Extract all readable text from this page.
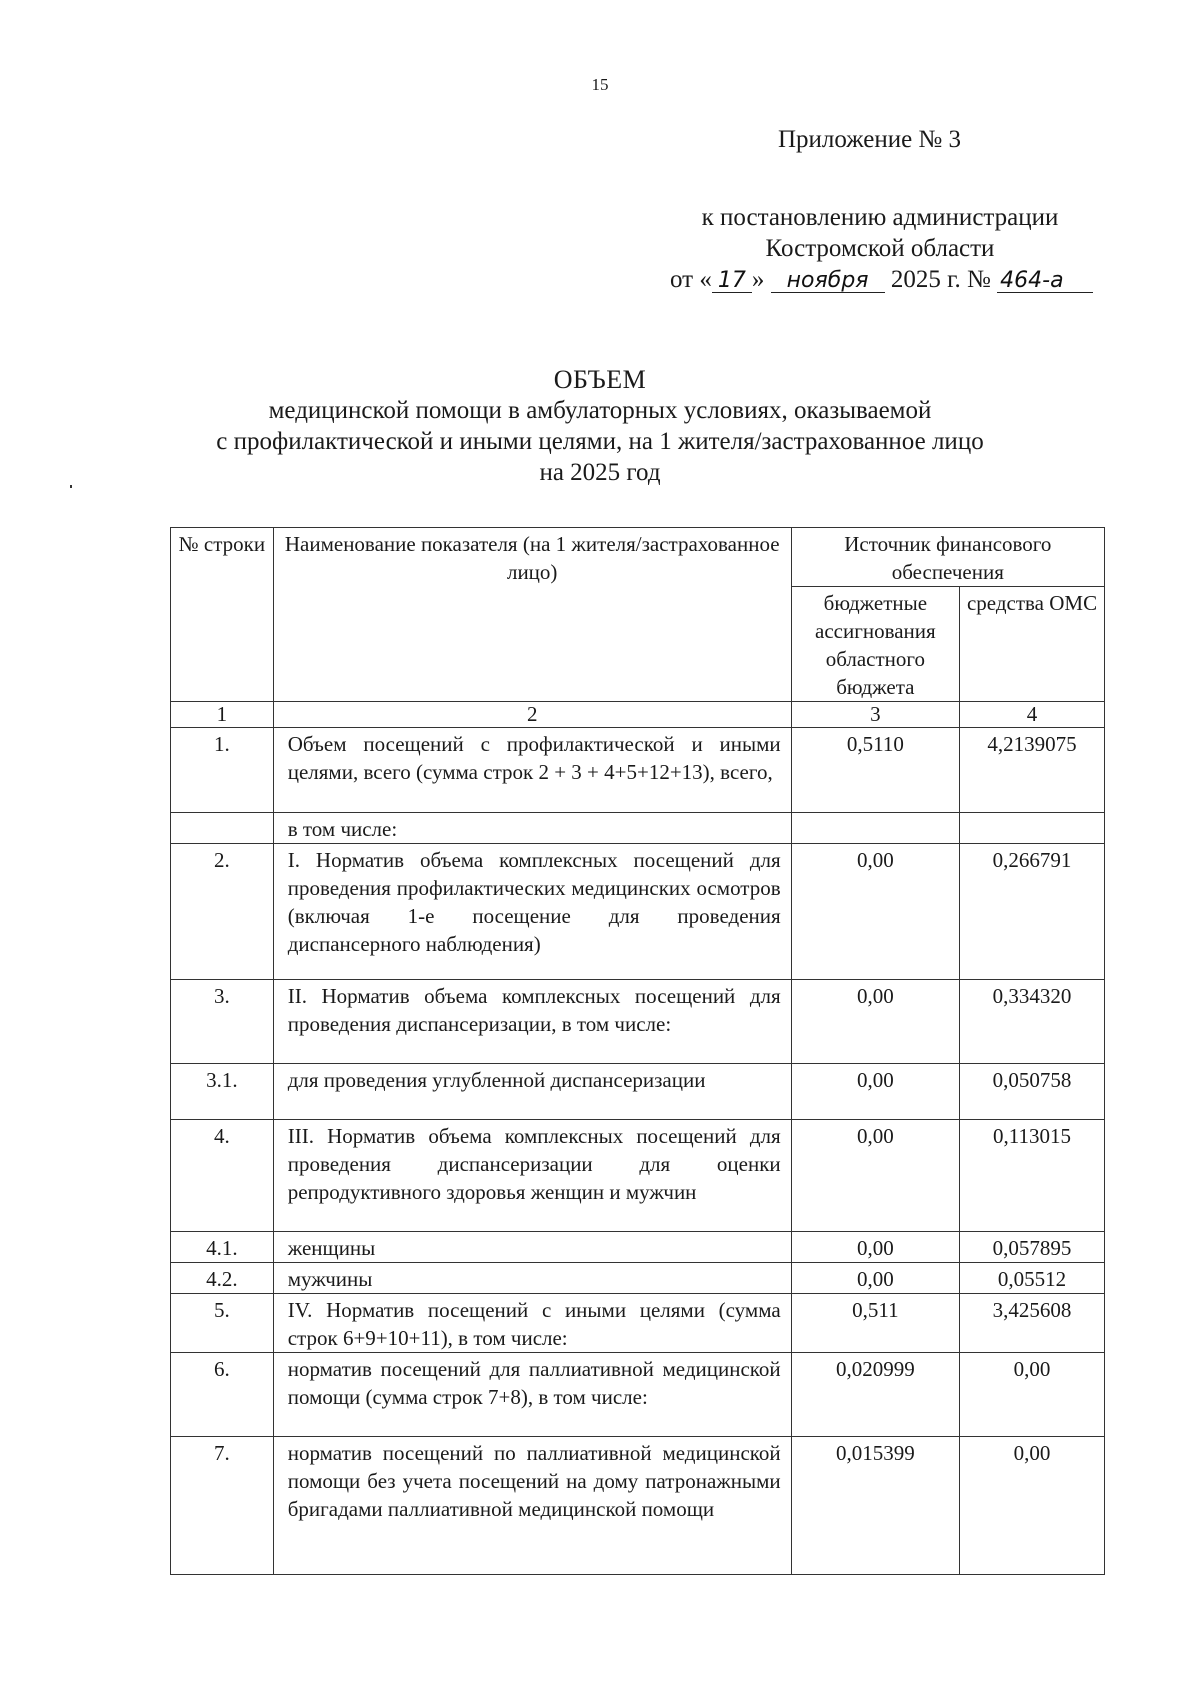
15
Приложение № 3
к постановлению администрации
Костромской области
от « 17 » ноября 2025 г. № 464-а
ОБЪЕМ
медицинской помощи в амбулаторных условиях, оказываемой
с профилактической и иными целями, на 1 жителя/застрахованное лицо
на 2025 год
№ строки	Наименование показателя (на 1 жителя/застрахованное лицо)	Источник финансового обеспечения	
		бюджетные ассигнования областного бюджета	средства ОМС
1	2	3	4
1.	Объем посещений с профилактической и иными целями, всего (сумма строк 2 + 3 + 4+5+12+13), всего,	0,5110	4,2139075
	в том числе:		
2.	I. Норматив объема комплексных посещений для проведения профилактических медицинских осмотров (включая 1-е посещение для проведения диспансерного наблюдения)	0,00	0,266791
3.	II. Норматив объема комплексных посещений для проведения диспансеризации, в том числе:	0,00	0,334320
3.1.	для проведения углубленной диспансеризации	0,00	0,050758
4.	III. Норматив объема комплексных посещений для проведения диспансеризации для оценки репродуктивного здоровья женщин и мужчин	0,00	0,113015
4.1.	женщины	0,00	0,057895
4.2.	мужчины	0,00	0,05512
5.	IV. Норматив посещений с иными целями (сумма строк 6+9+10+11), в том числе:	0,511	3,425608
6.	норматив посещений для паллиативной медицинской помощи (сумма строк 7+8), в том числе:	0,020999	0,00
7.	норматив посещений по паллиативной медицинской помощи без учета посещений на дому патронажными бригадами паллиативной медицинской помощи	0,015399	0,00
